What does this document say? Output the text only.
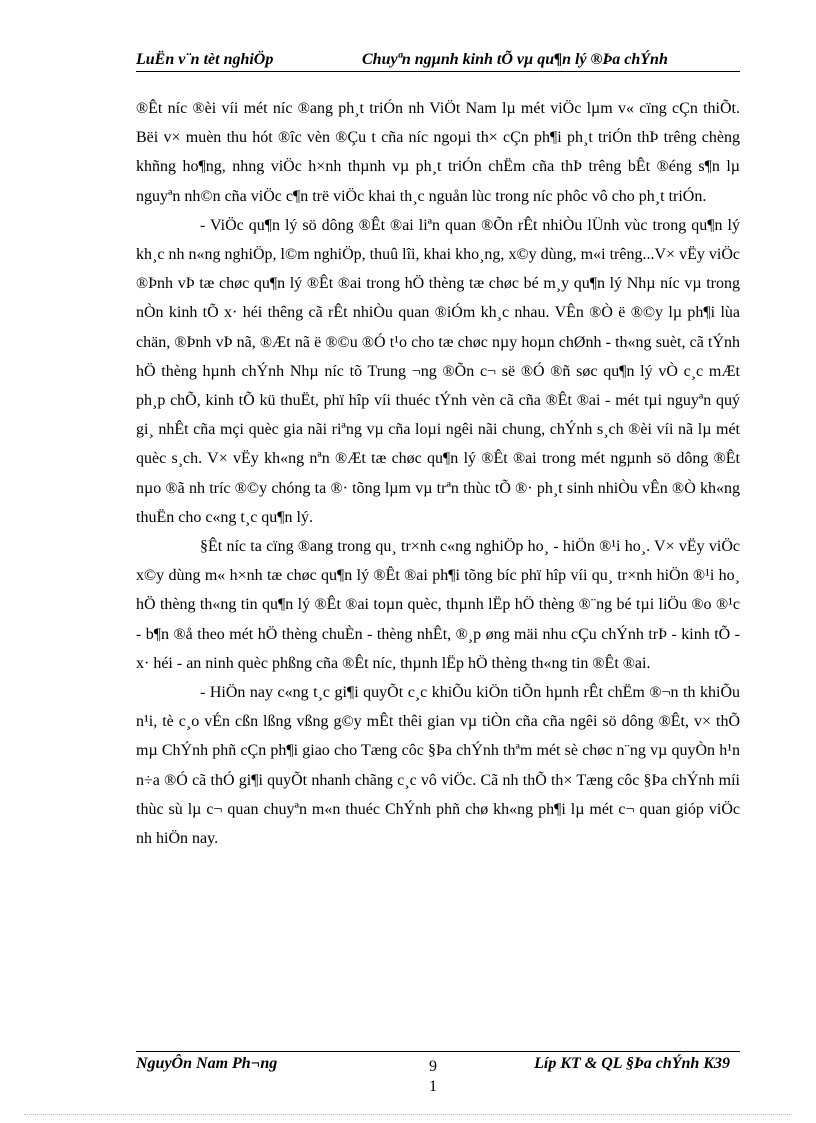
LuËn v¨n tèt nghiÖp	Chuyªn ngµnh kinh tÕ vµ qu¶n lý ®Þa chÝnh

®Êt níc ®èi víi mét níc ®ang ph¸t triÓn nh ViÖt Nam lµ mét viÖc lµm v« cïng cÇn thiÕt. Bëi v× muèn thu hót ®îc vèn ®Çu t cña níc ngoµi th× cÇn ph¶i ph¸t triÓn thÞ trêng chèng khñng ho¶ng, nhng viÖc h×nh thµnh vµ ph¸t triÓn chËm cña thÞ trêng bÊt ®éng s¶n lµ nguyªn nh©n cña viÖc c¶n trë viÖc khai th¸c nguån lùc trong níc phôc vô cho ph¸t triÓn.

- ViÖc qu¶n lý sö dông ®Êt ®ai liªn quan ®Õn rÊt nhiÒu lÜnh vùc trong qu¶n lý kh¸c nh n«ng nghiÖp, l©m nghiÖp, thuû lîi, khai kho¸ng, x©y dùng, m«i trêng...V× vËy viÖc ®Þnh vÞ tæ chøc qu¶n lý ®Êt ®ai trong hÖ thèng tæ chøc bé m¸y qu¶n lý Nhµ níc vµ trong nÒn kinh tÕ x· héi thêng cã rÊt nhiÒu quan ®iÓm kh¸c nhau. VÊn ®Ò ë ®©y lµ ph¶i lùa chän, ®Þnh vÞ nã, ®Æt nã ë ®©u ®Ó t¹o cho tæ chøc nµy hoµn chØnh - th«ng suèt, cã tÝnh hÖ thèng hµnh chÝnh Nhµ níc tõ Trung ¬ng ®Õn c¬ së ®Ó ®ñ søc qu¶n lý vÒ c¸c mÆt ph¸p chÕ, kinh tÕ kü thuËt, phï hîp víi thuéc tÝnh vèn cã cña ®Êt ®ai - mét tµi nguyªn quý gi¸ nhÊt cña mçi quèc gia nãi riªng vµ cña loµi ngêi nãi chung, chÝnh s¸ch ®èi víi nã lµ mét quèc s¸ch. V× vËy kh«ng nªn ®Æt tæ chøc qu¶n lý ®Êt ®ai trong mét ngµnh sö dông ®Êt nµo ®ã nh tríc ®©y chóng ta ®· tõng lµm vµ trªn thùc tÕ ®· ph¸t sinh nhiÒu vÊn ®Ò kh«ng thuËn cho c«ng t¸c qu¶n lý.

§Êt níc ta cïng ®ang trong qu¸ tr×nh c«ng nghiÖp ho¸ - hiÖn ®¹i ho¸. V× vËy viÖc x©y dùng m« h×nh tæ chøc qu¶n lý ®Êt ®ai ph¶i tõng bíc phï hîp víi qu¸ tr×nh hiÖn ®¹i ho¸ hÖ thèng th«ng tin qu¶n lý ®Êt ®ai toµn quèc, thµnh lËp hÖ thèng ®¨ng bé tµi liÖu ®o ®¹c - b¶n ®å theo mét hÖ thèng chuÈn - thèng nhÊt, ®¸p øng mäi nhu cÇu chÝnh trÞ - kinh tÕ - x· héi - an ninh quèc phßng cña ®Êt níc, thµnh lËp hÖ thèng th«ng tin ®Êt ®ai.

- HiÖn nay c«ng t¸c gi¶i quyÕt c¸c khiÕu kiÖn tiÕn hµnh rÊt chËm ®¬n th khiÕu n¹i, tè c¸o vÉn cßn lßng vßng g©y mÊt thêi gian vµ tiÒn cña cña ngêi sö dông ®Êt, v× thÕ mµ ChÝnh phñ cÇn ph¶i giao cho Tæng côc §Þa chÝnh thªm mét sè chøc n¨ng vµ quyÒn h¹n n÷a ®Ó cã thÓ gi¶i quyÕt nhanh chãng c¸c vô viÖc. Cã nh thÕ th× Tæng côc §Þa chÝnh míi thùc sù lµ c¬ quan chuyªn m«n thuéc ChÝnh phñ chø kh«ng ph¶i lµ mét c¬ quan gióp viÖc nh hiÖn nay.

NguyÔn Nam Ph¬ng	9 1
Líp KT & QL §Þa chÝnh K39
